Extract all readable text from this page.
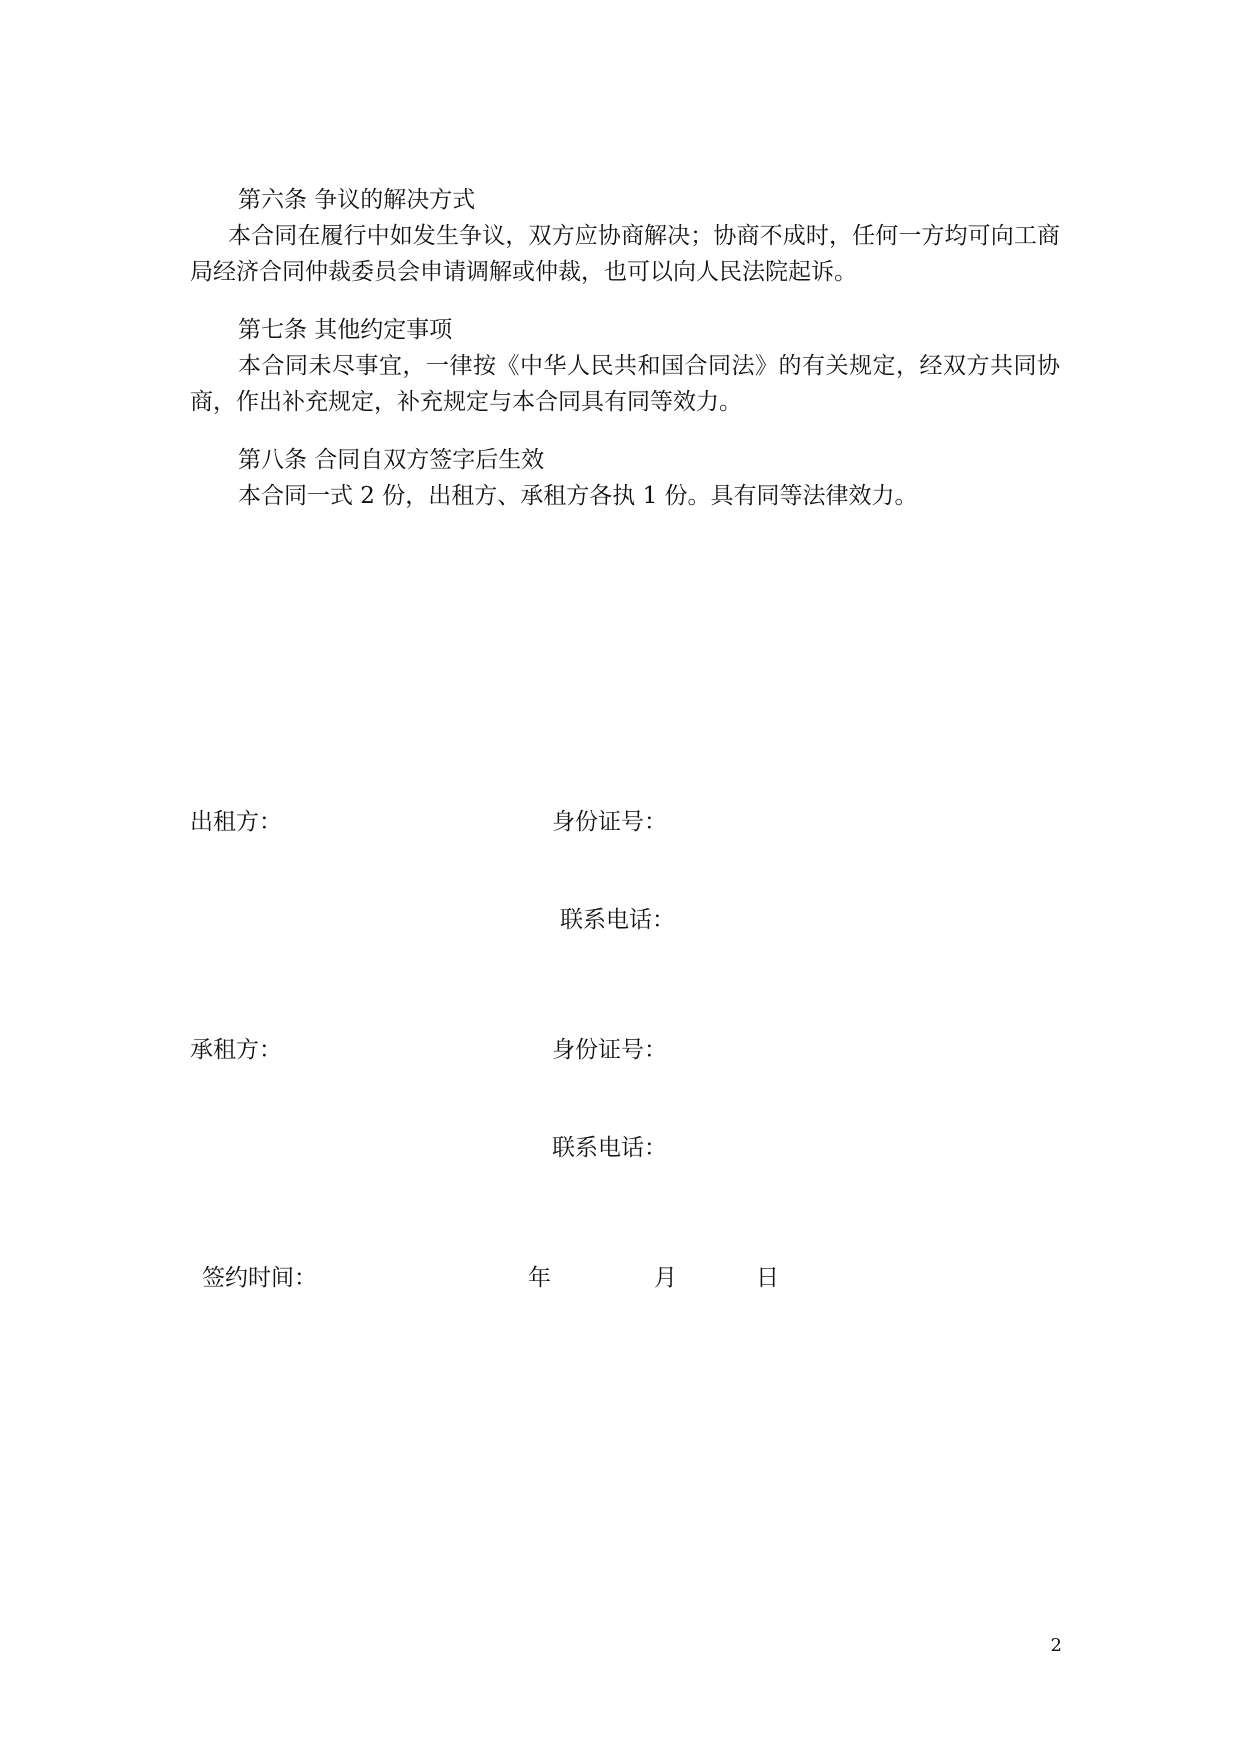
第六条 争议的解决方式
本合同在履行中如发生争议，双方应协商解决；协商不成时，任何一方均可向工商局经济合同仲裁委员会申请调解或仲裁，也可以向人民法院起诉。
第七条 其他约定事项
本合同未尽事宜，一律按《中华人民共和国合同法》的有关规定，经双方共同协商，作出补充规定，补充规定与本合同具有同等效力。
第八条 合同自双方签字后生效
本合同一式 2 份，出租方、承租方各执 1 份。具有同等法律效力。
出租方：	身份证号：
联系电话：
承租方：	身份证号：
联系电话：
签约时间：	年	月	日
2
